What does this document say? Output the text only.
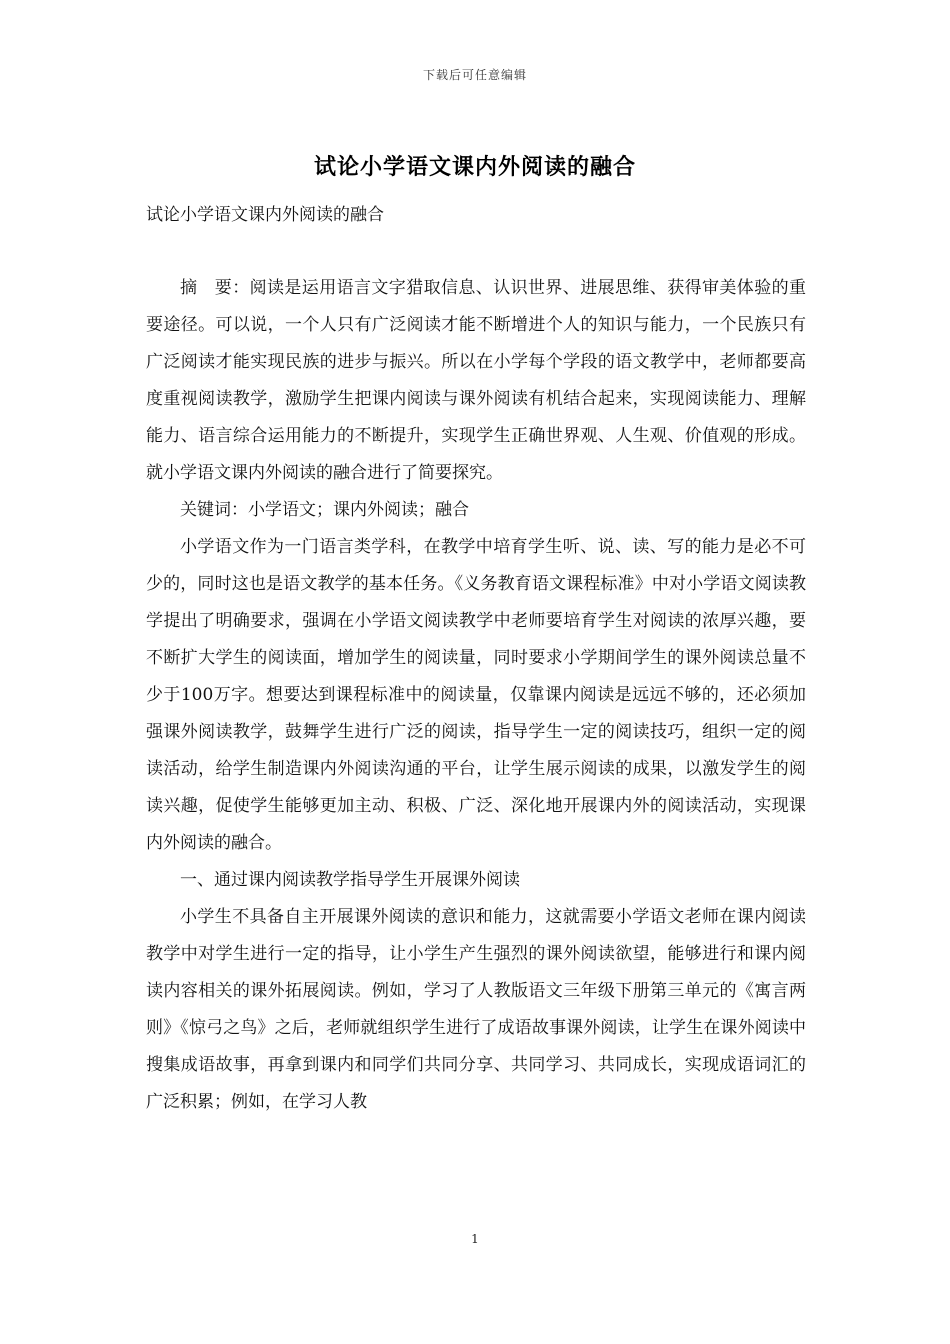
下载后可任意编辑
试论小学语文课内外阅读的融合
试论小学语文课内外阅读的融合

摘　要：阅读是运用语言文字猎取信息、认识世界、进展思维、获得审美体验的重要途径。可以说，一个人只有广泛阅读才能不断增进个人的知识与能力，一个民族只有广泛阅读才能实现民族的进步与振兴。所以在小学每个学段的语文教学中，老师都要高度重视阅读教学，激励学生把课内阅读与课外阅读有机结合起来，实现阅读能力、理解能力、语言综合运用能力的不断提升，实现学生正确世界观、人生观、价值观的形成。就小学语文课内外阅读的融合进行了简要探究。

关键词：小学语文；课内外阅读；融合

小学语文作为一门语言类学科，在教学中培育学生听、说、读、写的能力是必不可少的，同时这也是语文教学的基本任务。《义务教育语文课程标准》中对小学语文阅读教学提出了明确要求，强调在小学语文阅读教学中老师要培育学生对阅读的浓厚兴趣，要不断扩大学生的阅读面，增加学生的阅读量，同时要求小学期间学生的课外阅读总量不少于100万字。想要达到课程标准中的阅读量，仅靠课内阅读是远远不够的，还必须加强课外阅读教学，鼓舞学生进行广泛的阅读，指导学生一定的阅读技巧，组织一定的阅读活动，给学生制造课内外阅读沟通的平台，让学生展示阅读的成果，以激发学生的阅读兴趣，促使学生能够更加主动、积极、广泛、深化地开展课内外的阅读活动，实现课内外阅读的融合。

一、通过课内阅读教学指导学生开展课外阅读

小学生不具备自主开展课外阅读的意识和能力，这就需要小学语文老师在课内阅读教学中对学生进行一定的指导，让小学生产生强烈的课外阅读欲望，能够进行和课内阅读内容相关的课外拓展阅读。例如，学习了人教版语文三年级下册第三单元的《寓言两则》《惊弓之鸟》之后，老师就组织学生进行了成语故事课外阅读，让学生在课外阅读中搜集成语故事，再拿到课内和同学们共同分享、共同学习、共同成长，实现成语词汇的广泛积累；例如，在学习人教

1
